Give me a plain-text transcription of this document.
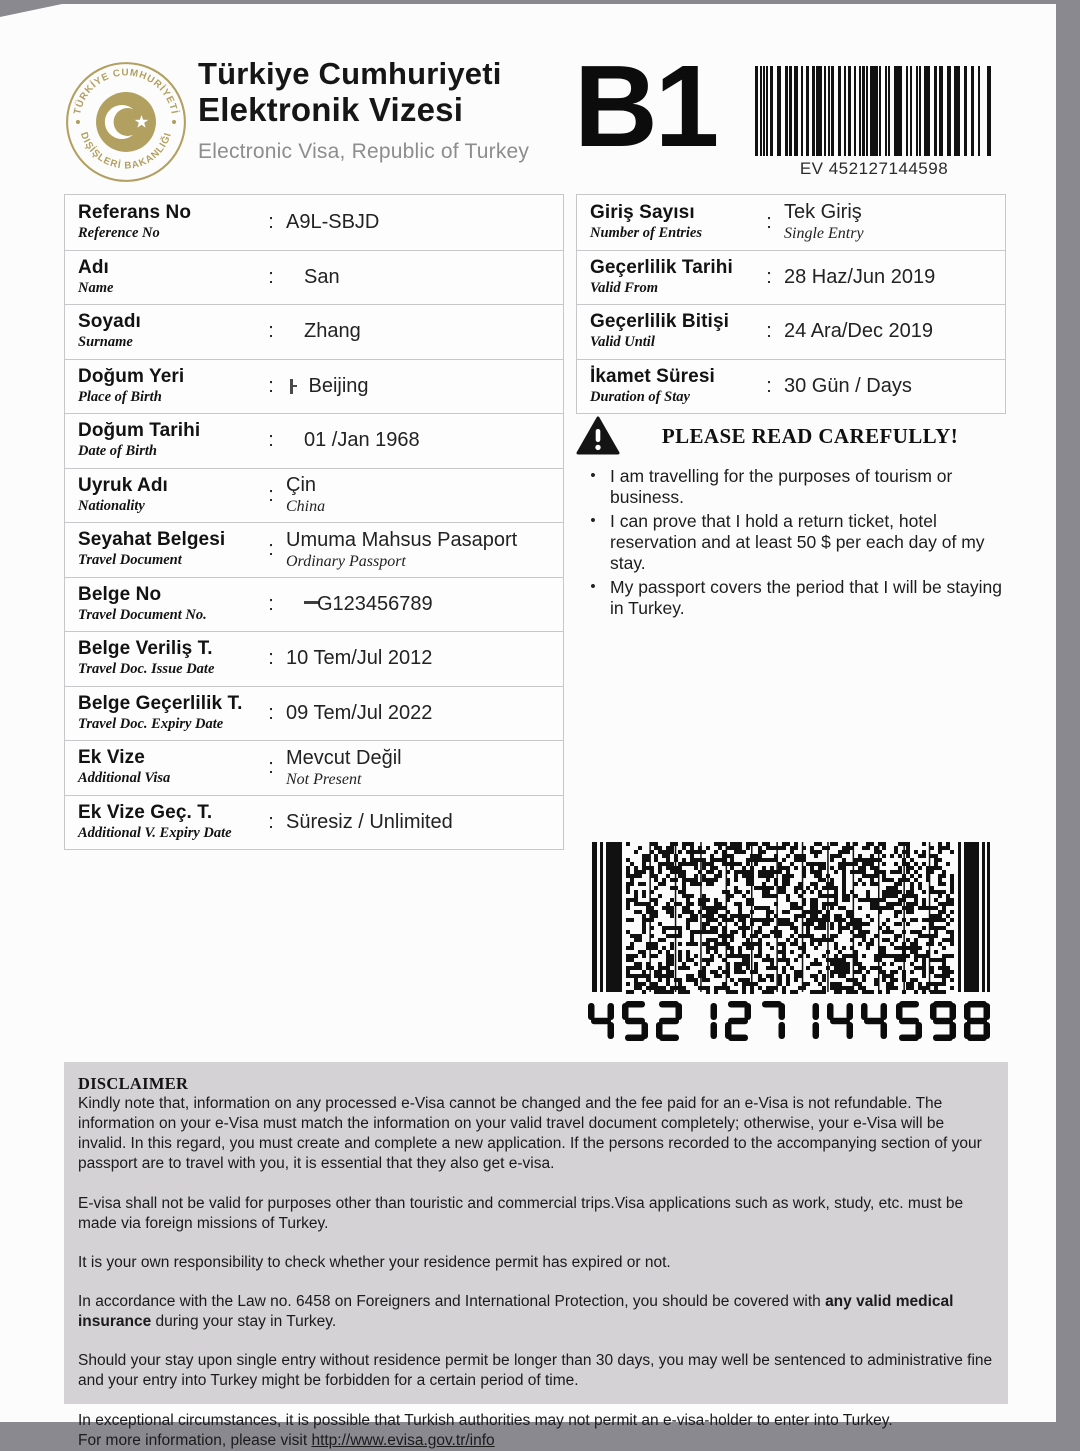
TÜRKİYE CUMHURİYETİ
DIŞİŞLERİ BAKANLIĞI
Türkiye Cumhuriyeti
Elektronik Vizesi
Electronic Visa, Republic of Turkey B1	EV 452127144598
Referans No
Reference No	: A9L-SBJD
Adı
Name	: San
Soyadı
Surname	: Zhang
Doğum Yeri
Place of Birth	:	Beijing
Doğum Tarihi
Date of Birth	: 01 /Jan 1968
Uyruk Adı
Nationality	: Çin
China
Seyahat Belgesi
Travel Document	: Umuma Mahsus Pasaport
Ordinary Passport
Belge No
Travel Document No.	:	G123456789
Belge Veriliş T.
Travel Doc. Issue Date	: 10 Tem/Jul 2012
Belge Geçerlilik T.
Travel Doc. Expiry Date	: 09 Tem/Jul 2022
Ek Vize
Additional Visa	: Mevcut Değil
Not Present
Ek Vize Geç. T.
Additional V. Expiry Date	: Süresiz / Unlimited
Giriş Sayısı
Number of Entries	: Tek Giriş
Single Entry
Geçerlilik Tarihi
Valid From	: 28 Haz/Jun 2019
Geçerlilik Bitişi
Valid Until	: 24 Ara/Dec 2019
İkamet Süresi
Duration of Stay	: 30 Gün / Days
PLEASE READ CAREFULLY!
• I am travelling for the purposes of tourism or business.
• I can prove that I hold a return ticket, hotel reservation and at least 50 $ per each day of my stay.
• My passport covers the period that I will be staying in Turkey.
DISCLAIMER
Kindly note that, information on any processed e-Visa cannot be changed and the fee paid for an e-Visa is not refundable. The information on your e-Visa must match the information on your valid travel document completely; otherwise, your e-Visa will be invalid. In this regard, you must create and complete a new application. If the persons recorded to the accompanying section of your passport are to travel with you, it is essential that they also get e-visa.
E-visa shall not be valid for purposes other than touristic and commercial trips.Visa applications such as work, study, etc. must be made via foreign missions of Turkey.
It is your own responsibility to check whether your residence permit has expired or not.
In accordance with the Law no. 6458 on Foreigners and International Protection, you should be covered with any valid medical insurance during your stay in Turkey.
Should your stay upon single entry without residence permit be longer than 30 days, you may well be sentenced to administrative fine and your entry into Turkey might be forbidden for a certain period of time.
In exceptional circumstances, it is possible that Turkish authorities may not permit an e-visa-holder to enter into Turkey.
For more information, please visit http://www.evisa.gov.tr/info
